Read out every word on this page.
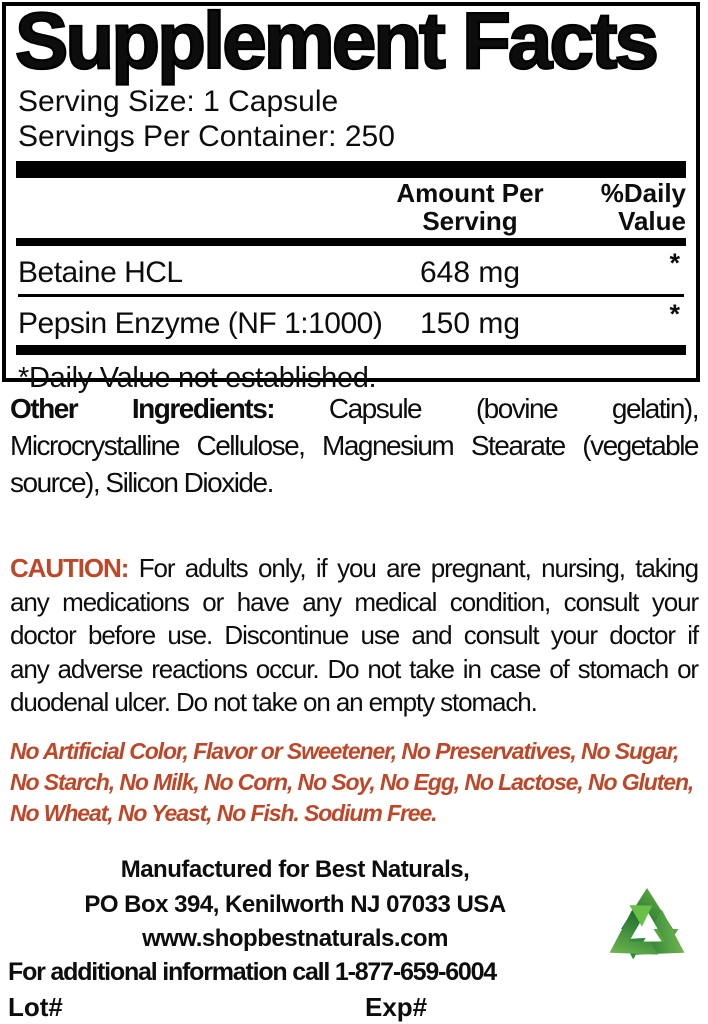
Supplement Facts
Serving Size: 1 Capsule
Servings Per Container: 250
Amount Per
Serving
%Daily
Value
Betaine HCL	648 mg	*
Pepsin Enzyme (NF 1:1000)	150 mg	*
*Daily Value not established.
Other Ingredients: Capsule (bovine gelatin),
Microcrystalline Cellulose, Magnesium Stearate (vegetable
source), Silicon Dioxide.
CAUTION: For adults only, if you are pregnant, nursing, taking
any medications or have any medical condition, consult your
doctor before use. Discontinue use and consult your doctor if
any adverse reactions occur. Do not take in case of stomach or
duodenal ulcer. Do not take on an empty stomach.
No Artificial Color, Flavor or Sweetener, No Preservatives, No Sugar,
No Starch, No Milk, No Corn, No Soy, No Egg, No Lactose, No Gluten,
No Wheat, No Yeast, No Fish. Sodium Free.
Manufactured for Best Naturals,
PO Box 394, Kenilworth NJ 07033 USA
www.shopbestnaturals.com
For additional information call 1-877-659-6004
Lot#	Exp#
